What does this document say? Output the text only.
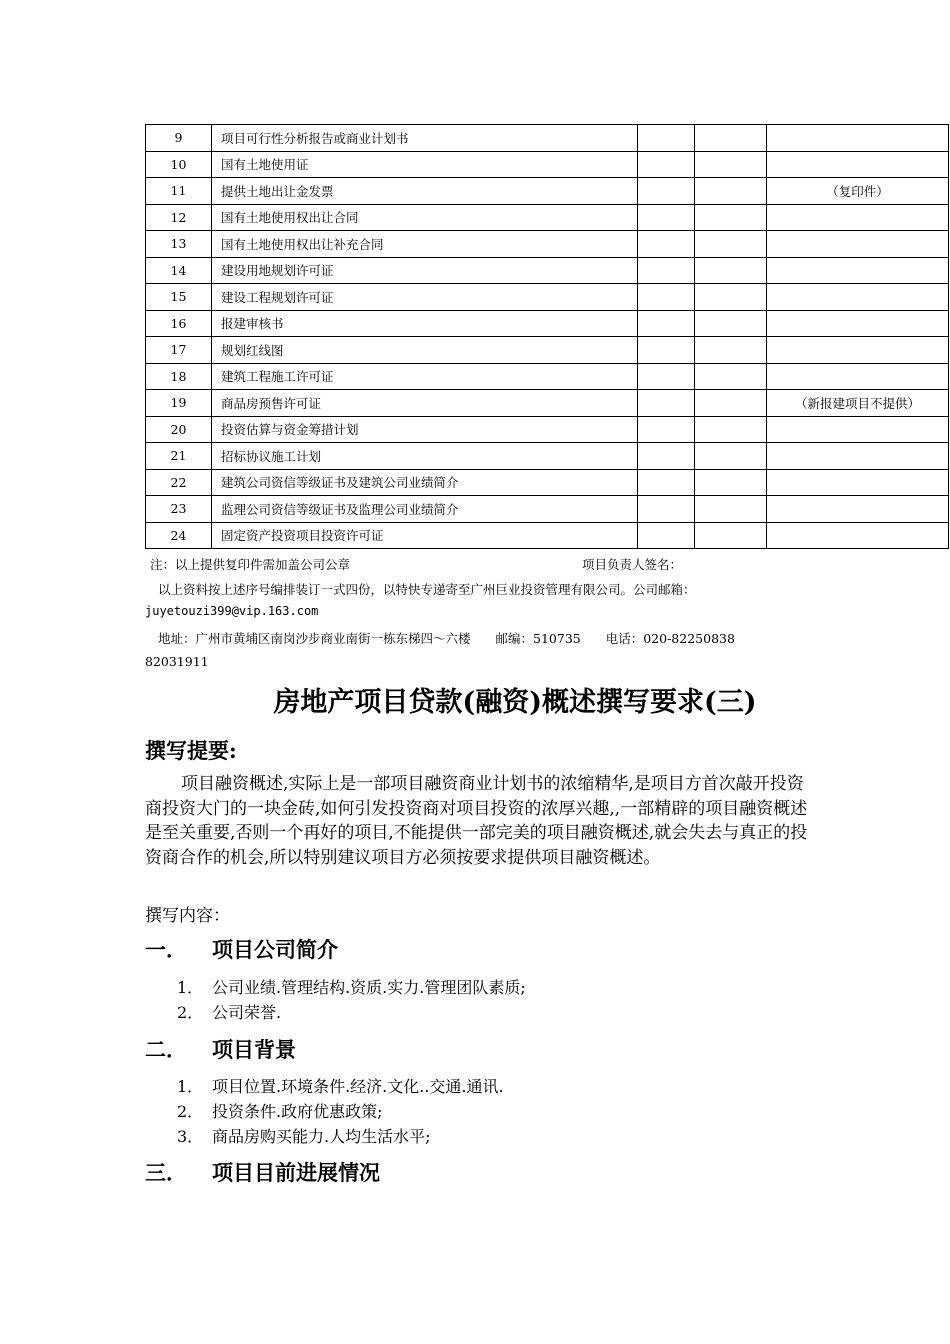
9	项目可行性分析报告或商业计划书			
10	国有土地使用证			
11	提供土地出让金发票			（复印件）
12	国有土地使用权出让合同			
13	国有土地使用权出让补充合同			
14	建设用地规划许可证			
15	建设工程规划许可证			
16	报建审核书			
17	规划红线图			
18	建筑工程施工许可证			
19	商品房预售许可证			（新报建项目不提供）
20	投资估算与资金筹措计划			
21	招标协议施工计划			
22	建筑公司资信等级证书及建筑公司业绩简介			
23	监理公司资信等级证书及监理公司业绩简介			
24	固定资产投资项目投资许可证			
注：以上提供复印件需加盖公司公章	项目负责人签名：
以上资料按上述序号编排装订一式四份，以特快专递寄至广州巨业投资管理有限公司。公司邮箱：
juyetouzi399@vip.163.com
地址：广州市黄埔区南岗沙步商业南街一栋东梯四～六楼　　邮编：510735　　电话：020-82250838
82031911
房地产项目贷款(融资)概述撰写要求(三)
撰写提要:
项目融资概述,实际上是一部项目融资商业计划书的浓缩精华,是项目方首次敲开投资商投资大门的一块金砖,如何引发投资商对项目投资的浓厚兴趣,,一部精辟的项目融资概述是至关重要,否则一个再好的项目,不能提供一部完美的项目融资概述,就会失去与真正的投资商合作的机会,所以特别建议项目方必须按要求提供项目融资概述。
撰写内容：
一． 项目公司简介
1． 公司业绩.管理结构.资质.实力.管理团队素质;
2． 公司荣誉.
二． 项目背景
1． 项目位置.环境条件.经济.文化..交通.通讯.
2． 投资条件.政府优惠政策;
3． 商品房购买能力.人均生活水平;
三． 项目目前进展情况
